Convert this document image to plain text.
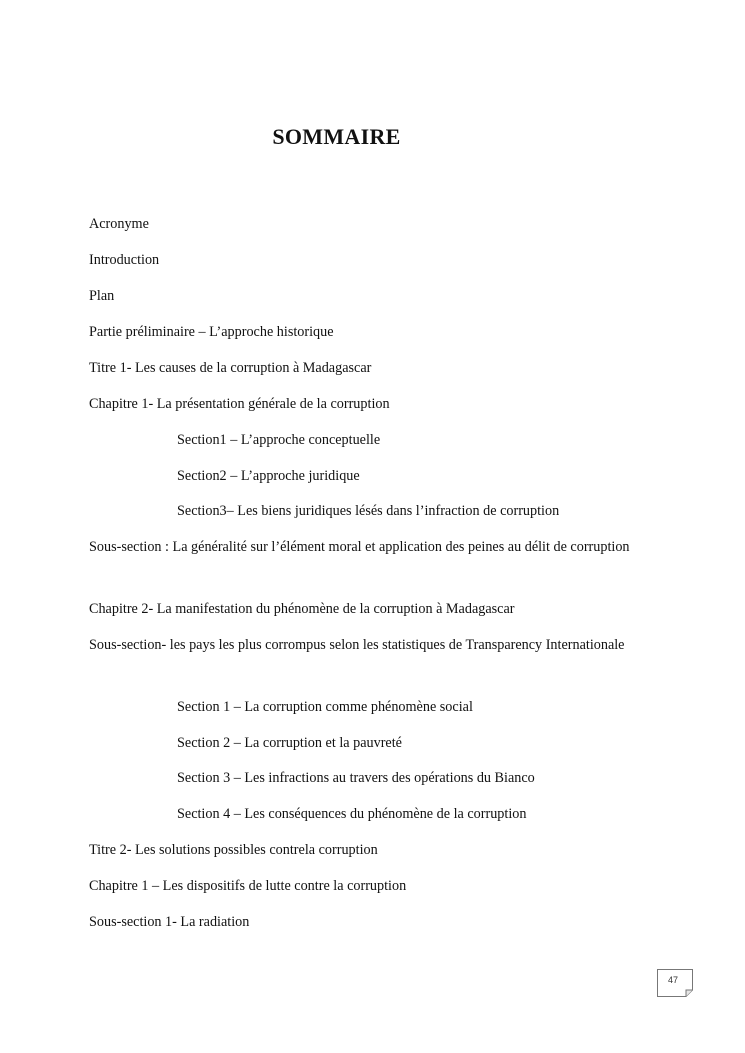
SOMMAIRE
Acronyme
Introduction
Plan
Partie préliminaire – L’approche historique
Titre 1- Les causes de la corruption à Madagascar
Chapitre 1- La présentation générale de la corruption
Section1 – L’approche conceptuelle
Section2 – L’approche juridique
Section3– Les biens juridiques lésés dans l’infraction de corruption
Sous-section : La généralité sur l’élément moral et application des peines au délit de corruption
Chapitre 2- La manifestation du phénomène de la corruption à Madagascar
Sous-section- les pays les plus corrompus selon les statistiques de Transparency Internationale
Section 1 – La corruption comme phénomène social
Section 2 – La corruption et la pauvreté
Section 3 – Les infractions au travers des opérations du Bianco
Section 4 – Les conséquences du phénomène de la corruption
Titre 2- Les solutions possibles contrela corruption
Chapitre 1 – Les dispositifs de lutte contre la corruption
Sous-section 1- La radiation
47
